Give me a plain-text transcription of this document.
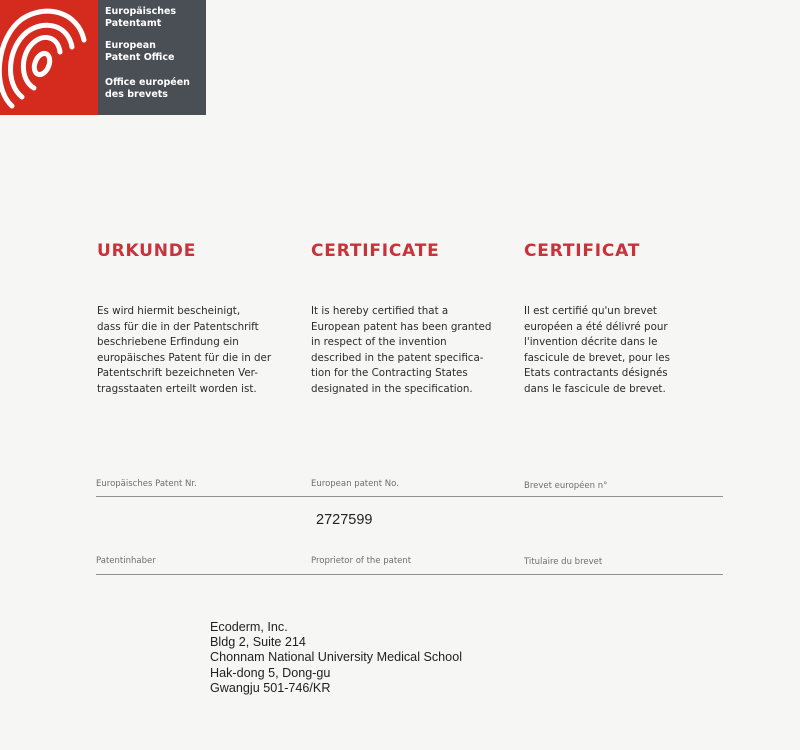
Europäisches
Patentamt
European
Patent Office
Office européen
des brevets
URKUNDE	CERTIFICATE	CERTIFICAT

Es wird hiermit bescheinigt,
dass für die in der Patentschrift
beschriebene Erfindung ein
europäisches Patent für die in der
Patentschrift bezeichneten Ver-
tragsstaaten erteilt worden ist.

It is hereby certified that a
European patent has been granted
in respect of the invention
described in the patent specifica-
tion for the Contracting States
designated in the specification.

Il est certifié qu'un brevet
européen a été délivré pour
l'invention décrite dans le
fascicule de brevet, pour les
Etats contractants désignés
dans le fascicule de brevet.

Europäisches Patent Nr.	European patent No.	Brevet européen n°

2727599

Patentinhaber	Proprietor of the patent	Titulaire du brevet

Ecoderm, Inc.
Bldg 2, Suite 214
Chonnam National University Medical School
Hak-dong 5, Dong-gu
Gwangju 501-746/KR
